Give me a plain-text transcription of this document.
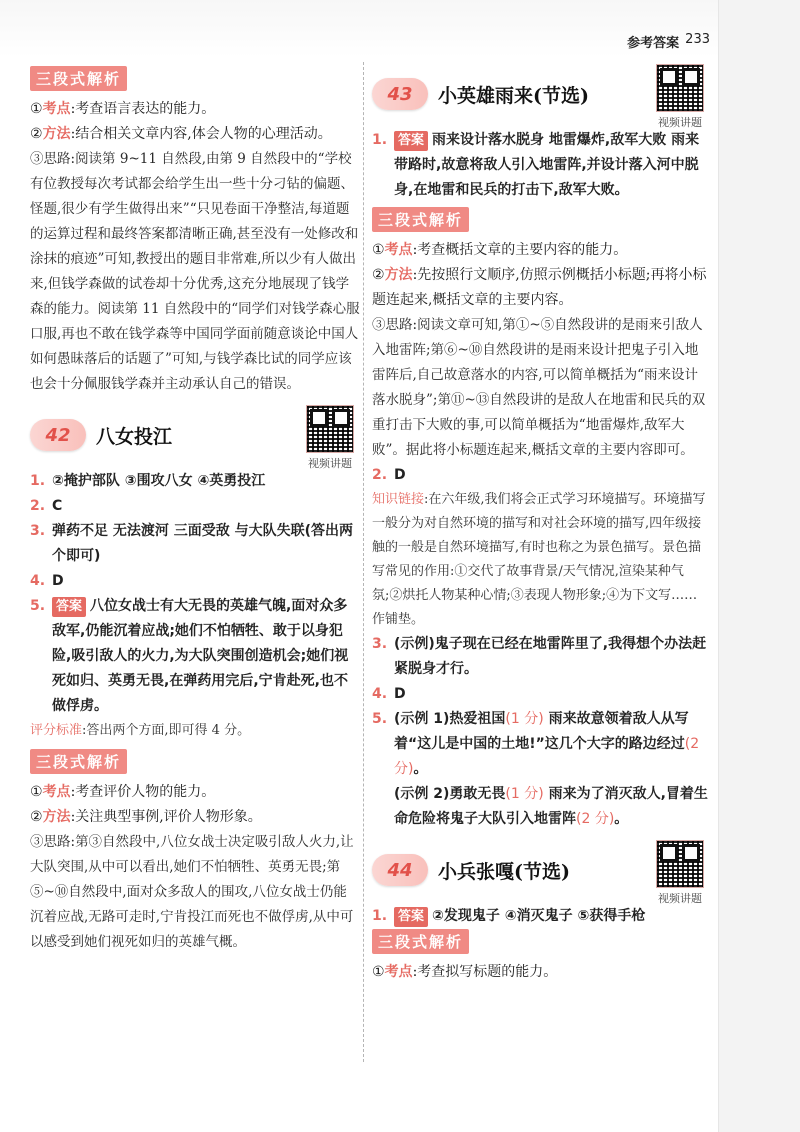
参考答案 233
三段式解析
①考点:考查语言表达的能力。
②方法:结合相关文章内容,体会人物的心理活动。
③思路:阅读第 9~11 自然段,由第 9 自然段中的“学校有位教授每次考试都会给学生出一些十分刁钻的偏题、怪题,很少有学生做得出来”“只见卷面干净整洁,每道题的运算过程和最终答案都清晰正确,甚至没有一处修改和涂抹的痕迹”可知,教授出的题目非常难,所以少有人做出来,但钱学森做的试卷却十分优秀,这充分地展现了钱学森的能力。阅读第 11 自然段中的“同学们对钱学森心服口服,再也不敢在钱学森等中国同学面前随意谈论中国人如何愚昧落后的话题了”可知,与钱学森比试的同学应该也会十分佩服钱学森并主动承认自己的错误。
42	八女投江
视频讲题
1. ②掩护部队 ③围攻八女 ④英勇投江
2. C
3. 弹药不足 无法渡河 三面受敌 与大队失联(答出两个即可)
4. D
5. 答案 八位女战士有大无畏的英雄气魄,面对众多敌军,仍能沉着应战;她们不怕牺牲、敢于以身犯险,吸引敌人的火力,为大队突围创造机会;她们视死如归、英勇无畏,在弹药用完后,宁肯赴死,也不做俘虏。
评分标准:答出两个方面,即可得 4 分。
三段式解析
①考点:考查评价人物的能力。
②方法:关注典型事例,评价人物形象。
③思路:第③自然段中,八位女战士决定吸引敌人火力,让大队突围,从中可以看出,她们不怕牺牲、英勇无畏;第⑤~⑩自然段中,面对众多敌人的围攻,八位女战士仍能沉着应战,无路可走时,宁肯投江而死也不做俘虏,从中可以感受到她们视死如归的英雄气概。
43	小英雄雨来(节选)
视频讲题
1. 答案 雨来设计落水脱身 地雷爆炸,敌军大败 雨来带路时,故意将敌人引入地雷阵,并设计落入河中脱身,在地雷和民兵的打击下,敌军大败。
三段式解析
①考点:考查概括文章的主要内容的能力。
②方法:先按照行文顺序,仿照示例概括小标题;再将小标题连起来,概括文章的主要内容。
③思路:阅读文章可知,第①~⑤自然段讲的是雨来引敌人入地雷阵;第⑥~⑩自然段讲的是雨来设计把鬼子引入地雷阵后,自己故意落水的内容,可以简单概括为“雨来设计落水脱身”;第⑪~⑬自然段讲的是敌人在地雷和民兵的双重打击下大败的事,可以简单概括为“地雷爆炸,敌军大败”。据此将小标题连起来,概括文章的主要内容即可。
2. D
知识链接:在六年级,我们将会正式学习环境描写。环境描写一般分为对自然环境的描写和对社会环境的描写,四年级接触的一般是自然环境描写,有时也称之为景色描写。景色描写常见的作用:①交代了故事背景/天气情况,渲染某种气氛;②烘托人物某种心情;③表现人物形象;④为下文写……作铺垫。
3. (示例)鬼子现在已经在地雷阵里了,我得想个办法赶紧脱身才行。
4. D
5. (示例 1)热爱祖国(1 分) 雨来故意领着敌人从写着“这儿是中国的土地!”这几个大字的路边经过(2 分)。
(示例 2)勇敢无畏(1 分) 雨来为了消灭敌人,冒着生命危险将鬼子大队引入地雷阵(2 分)。
44	小兵张嘎(节选)
视频讲题
1. 答案 ②发现鬼子 ④消灭鬼子 ⑤获得手枪
三段式解析
①考点:考查拟写标题的能力。
